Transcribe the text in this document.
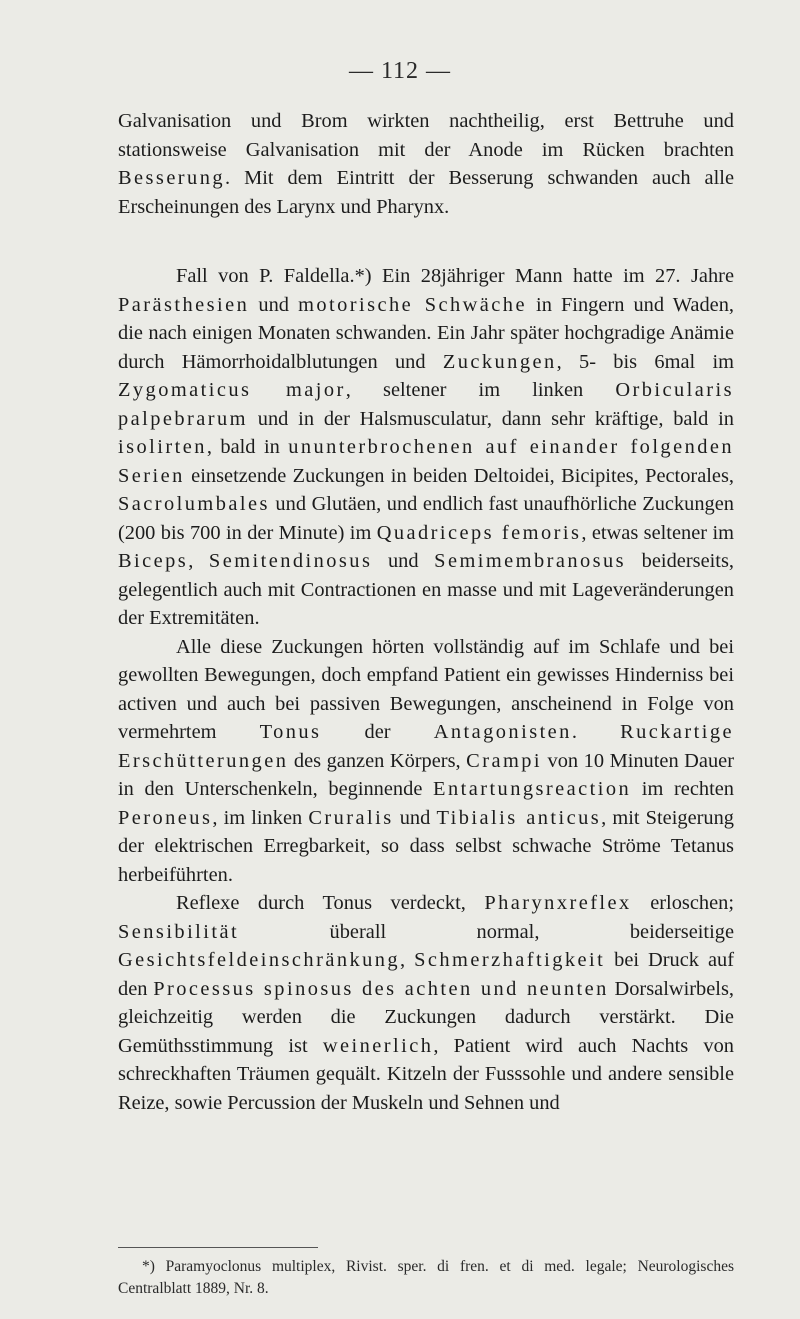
— 112 —

Galvanisation und Brom wirkten nachtheilig, erst Bettruhe und stationsweise Galvanisation mit der Anode im Rücken brachten Besserung. Mit dem Eintritt der Besserung schwanden auch alle Erscheinungen des Larynx und Pharynx.

Fall von P. Faldella.*) Ein 28jähriger Mann hatte im 27. Jahre Parästhesien und motorische Schwäche in Fingern und Waden, die nach einigen Monaten schwanden. Ein Jahr später hochgradige Anämie durch Hämorrhoidalblutungen und Zuckungen, 5- bis 6mal im Zygomaticus major, seltener im linken Orbicularis palpebrarum und in der Halsmusculatur, dann sehr kräftige, bald in isolirten, bald in ununterbrochenen auf einander folgenden Serien einsetzende Zuckungen in beiden Deltoidei, Bicipites, Pectorales, Sacrolumbales und Glutäen, und endlich fast unaufhörliche Zuckungen (200 bis 700 in der Minute) im Quadriceps femoris, etwas seltener im Biceps, Semitendinosus und Semimembranosus beiderseits, gelegentlich auch mit Contractionen en masse und mit Lageveränderungen der Extremitäten.

Alle diese Zuckungen hörten vollständig auf im Schlafe und bei gewollten Bewegungen, doch empfand Patient ein gewisses Hinderniss bei activen und auch bei passiven Bewegungen, anscheinend in Folge von vermehrtem Tonus der Antagonisten. Ruckartige Erschütterungen des ganzen Körpers, Crampi von 10 Minuten Dauer in den Unterschenkeln, beginnende Entartungsreaction im rechten Peroneus, im linken Cruralis und Tibialis anticus, mit Steigerung der elektrischen Erregbarkeit, so dass selbst schwache Ströme Tetanus herbeiführten.

Reflexe durch Tonus verdeckt, Pharynxreflex erloschen; Sensibilität überall normal, beiderseitige Gesichtsfeldeinschränkung, Schmerzhaftigkeit bei Druck auf den Processus spinosus des achten und neunten Dorsalwirbels, gleichzeitig werden die Zuckungen dadurch verstärkt. Die Gemüthsstimmung ist weinerlich, Patient wird auch Nachts von schreckhaften Träumen gequält. Kitzeln der Fusssohle und andere sensible Reize, sowie Percussion der Muskeln und Sehnen und

*) Paramyoclonus multiplex, Rivist. sper. di fren. et di med. legale; Neurologisches Centralblatt 1889, Nr. 8.
